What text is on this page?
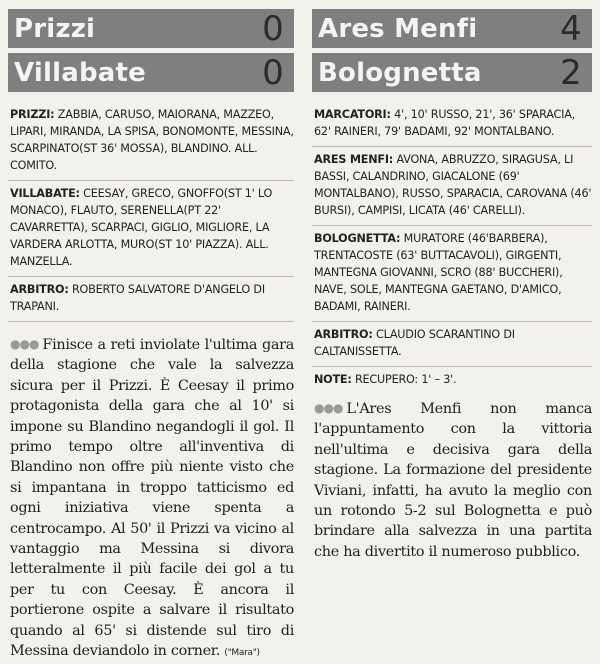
Prizzi	0
Villabate	0
PRIZZI: ZABBIA, CARUSO, MAIORANA, MAZZEO, LIPARI, MIRANDA, LA SPISA, BONOMONTE, MESSINA, SCARPINATO(ST 36' MOSSA), BLANDINO. ALL. COMITO.
VILLABATE: CEESAY, GRECO, GNOFFO(ST 1' LO MONACO), FLAUTO, SERENELLA(PT 22' CAVARRETTA), SCARPACI, GIGLIO, MIGLIORE, LA VARDERA ARLOTTA, MURO(ST 10' PIAZZA). ALL. MANZELLA.
ARBITRO: ROBERTO SALVATORE D'ANGELO DI TRAPANI.
●●● Finisce a reti inviolate l'ultima gara della stagione che vale la salvezza sicura per il Prizzi. È Ceesay il primo protagonista della gara che al 10' si impone su Blandino negandogli il gol. Il primo tempo oltre all'inventiva di Blandino non offre più niente visto che si impantana in troppo tatticismo ed ogni iniziativa viene spenta a centrocampo. Al 50' il Prizzi va vicino al vantaggio ma Messina si divora letteralmente il più facile dei gol a tu per tu con Ceesay. È ancora il portierone ospite a salvare il risultato quando al 65' si distende sul tiro di Messina deviandolo in corner. ("Mara")
Ares Menfi 4
Bolognetta 2
MARCATORI: 4', 10' RUSSO, 21', 36' SPARACIA, 62' RAINERI, 79' BADAMI, 92' MONTALBANO.
ARES MENFI: AVONA, ABRUZZO, SIRAGUSA, LI BASSI, CALANDRINO, GIACALONE (69' MONTALBANO), RUSSO, SPARACIA, CAROVANA (46' BURSI), CAMPISI, LICATA (46' CARELLI).
BOLOGNETTA: MURATORE (46'BARBERA), TRENTACOSTE (63' BUTTACAVOLI), GIRGENTI, MANTEGNA GIOVANNI, SCRO (88' BUCCHERI), NAVE, SOLE, MANTEGNA GAETANO, D'AMICO, BADAMI, RAINERI.
ARBITRO: CLAUDIO SCARANTINO DI CALTANISSETTA.
NOTE: RECUPERO: 1' – 3'.
●●● L'Ares Menfi non manca l'appuntamento con la vittoria nell'ultima e decisiva gara della stagione. La formazione del presidente Viviani, infatti, ha avuto la meglio con un rotondo 5-2 sul Bolognetta e può brindare alla salvezza in una partita che ha divertito il numeroso pubblico.
